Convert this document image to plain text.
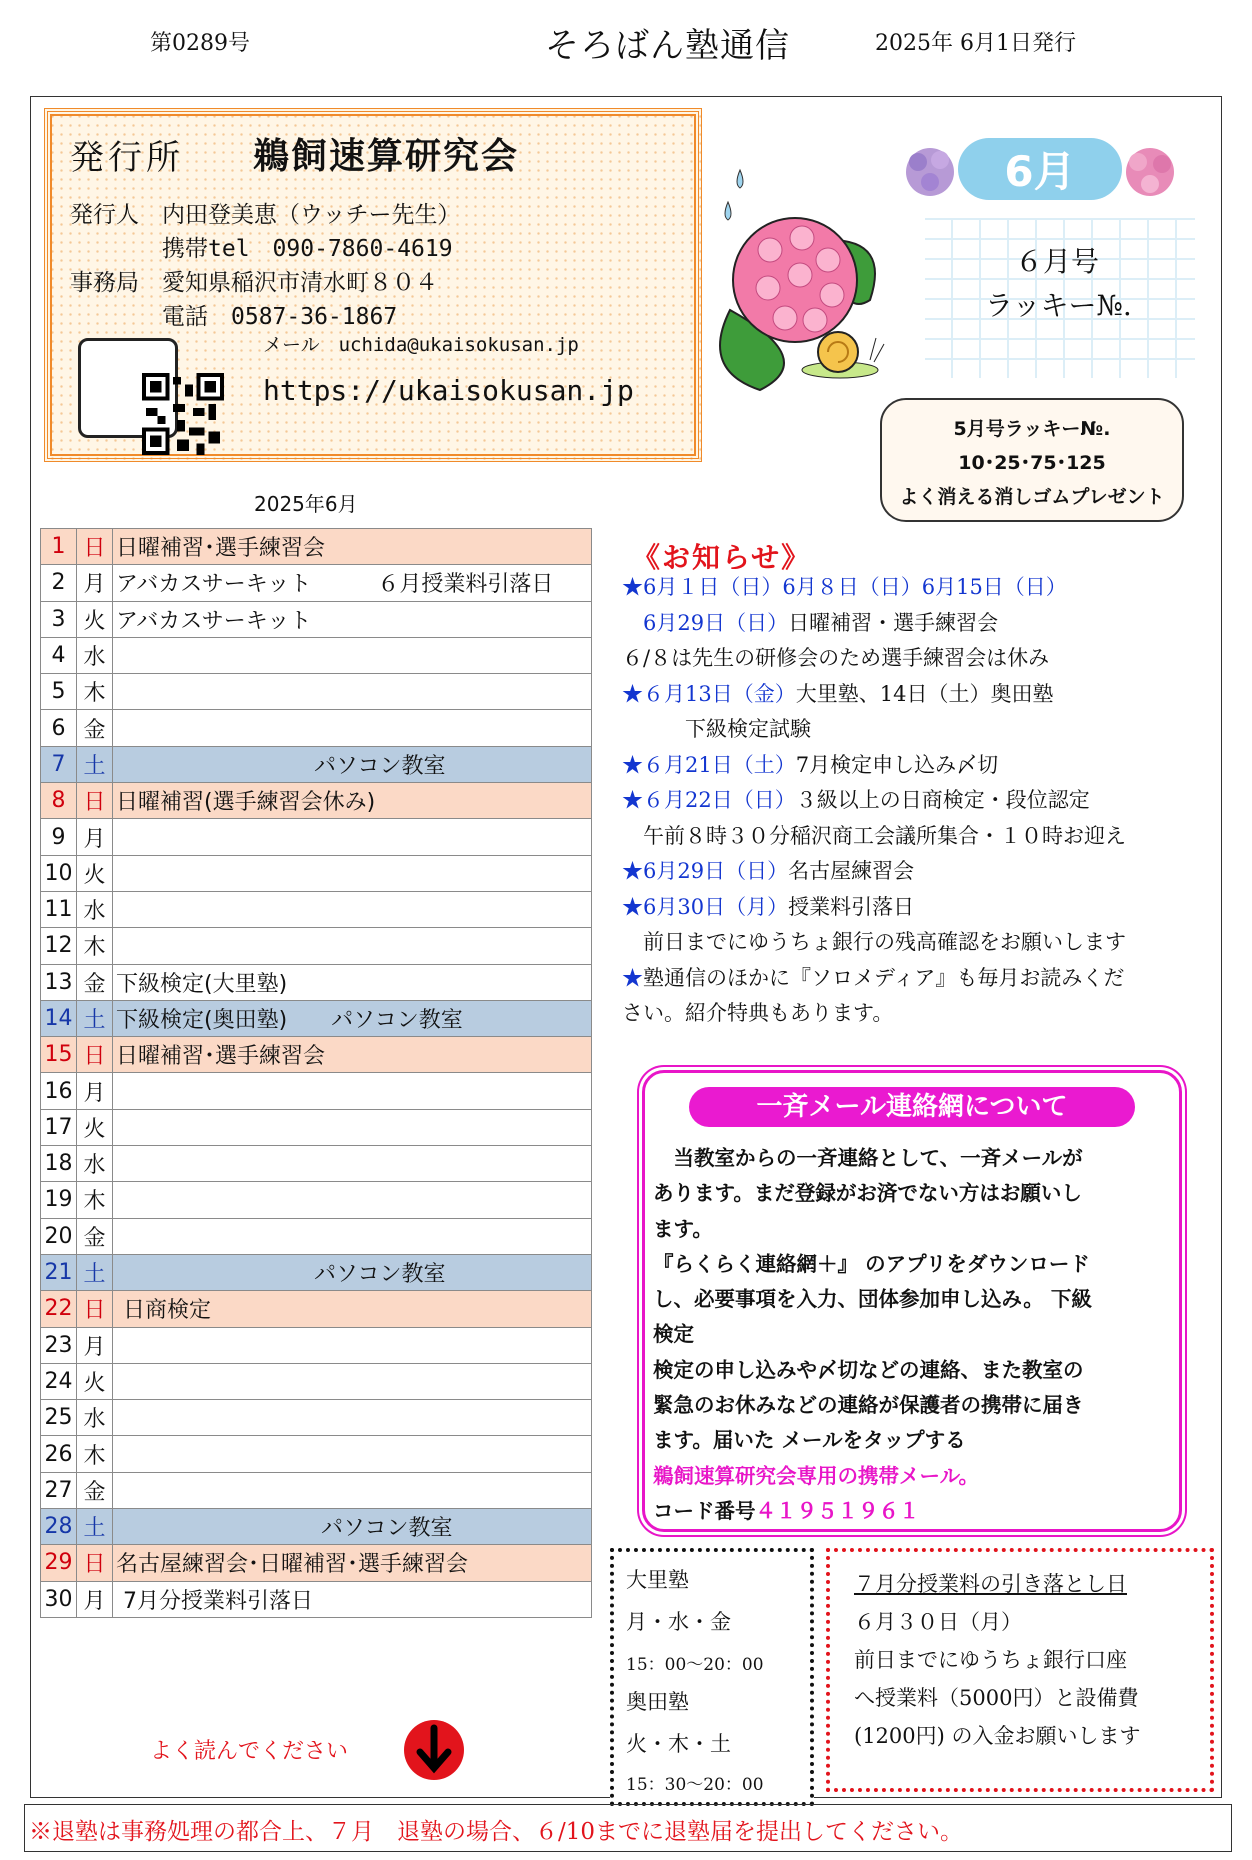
第0289号	そろばん塾通信	2025年 6月1日発行
発行所 鵜飼速算研究会
発行人　内田登美恵（ウッチー先生）
　　　　携帯tel　090-7860-4619
事務局　愛知県稲沢市清水町８０４
　　　　電話　0587-36-1867
メール　uchida@ukaisokusan.jp

https://ukaisokusan.jp
6月
６月号
ラッキー№.
5月号ラッキー№.
10･25･75･125
よく消える消しゴムプレゼント
2025年6月
1	日	日曜補習･選手練習会
2	月	アバカスサーキット　　　６月授業料引落日
3	火	アバカスサーキット
4	水	
5	木	
6	金	
7	土	　　　　　　　　　パソコン教室
8	日	日曜補習(選手練習会休み)
9	月	
10	火	
11	水	
12	木	
13	金	下級検定(大里塾)
14	土	下級検定(奥田塾)　　パソコン教室
15	日	日曜補習･選手練習会
16	月	
17	火	
18	水	
19	木	
20	金	
21	土	　　　　　　　　　パソコン教室
22	日	日商検定
23	月	
24	火	
25	水	
26	木	
27	金	
28	土	　　　　　　　　　 パソコン教室
29	日	名古屋練習会･日曜補習･選手練習会
30	月	7月分授業料引落日
《お知らせ》
★6月１日（日）6月８日（日）6月15日（日）
　6月29日（日）日曜補習・選手練習会
６/８は先生の研修会のため選手練習会は休み
★６月13日（金）大里塾、14日（土）奥田塾
　　　下級検定試験
★６月21日（土）7月検定申し込み〆切
★６月22日（日）３級以上の日商検定・段位認定
　午前８時３０分稲沢商工会議所集合・１０時お迎え
★6月29日（日）名古屋練習会
★6月30日（月）授業料引落日
　前日までにゆうちょ銀行の残高確認をお願いします
★塾通信のほかに『ソロメディア』も毎月お読みくだ
さい。紹介特典もあります。
一斉メール連絡網について
　当教室からの一斉連絡として、一斉メールが
あります。まだ登録がお済でない方はお願いし
ます。
『らくらく連絡網＋』 のアプリをダウンロード
し、必要事項を入力、団体参加申し込み。 下級
検定
検定の申し込みや〆切などの連絡、また教室の
緊急のお休みなどの連絡が保護者の携帯に届き
ます。届いた メールをタップする
鵜飼速算研究会専用の携帯メール。
コード番号４１９５１９６１
大里塾
月・水・金
15：00〜20：00
奥田塾
火・木・土
15：30〜20：00
７月分授業料の引き落とし日
６月３０日（月）
前日までにゆうちょ銀行口座
へ授業料（5000円）と設備費
(1200円) の入金お願いします
よく読んでください
※退塾は事務処理の都合上、７月　退塾の場合、６/10までに退塾届を提出してください。
